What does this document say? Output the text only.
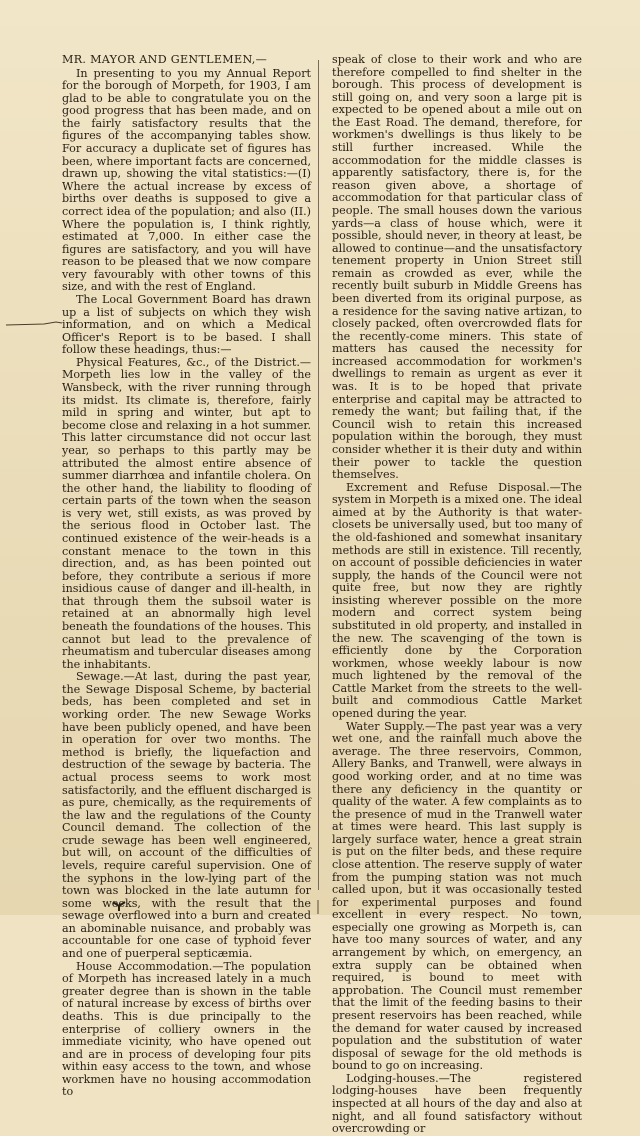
MR. MAYOR AND GENTLEMEN,—

In presenting to you my Annual Report for the borough of Morpeth, for 1903, I am glad to be able to congratulate you on the good progress that has been made, and on the fairly satisfactory results that the figures of the accompanying tables show. For accuracy a duplicate set of figures has been, where important facts are concerned, drawn up, showing the vital statistics:—(I) Where the actual increase by excess of births over deaths is supposed to give a correct idea of the population; and also (II.) Where the population is, I think rightly, estimated at 7,000. In either case the figures are satisfactory, and you will have reason to be pleased that we now compare very favourably with other towns of this size, and with the rest of England.

The Local Government Board has drawn up a list of subjects on which they wish information, and on which a Medical Officer's Report is to be based. I shall follow these headings, thus:—

Physical Features, &c., of the District.—Morpeth lies low in the valley of the Wansbeck, with the river running through its midst. Its climate is, therefore, fairly mild in spring and winter, but apt to become close and relaxing in a hot summer. This latter circumstance did not occur last year, so perhaps to this partly may be attributed the almost entire absence of summer diarrhœa and infantile cholera. On the other hand, the liability to flooding of certain parts of the town when the season is very wet, still exists, as was proved by the serious flood in October last. The continued existence of the weir-heads is a constant menace to the town in this direction, and, as has been pointed out before, they contribute a serious if more insidious cause of danger and ill-health, in that through them the subsoil water is retained at an abnormally high level beneath the foundations of the houses. This cannot but lead to the prevalence of rheumatism and tubercular diseases among the inhabitants.

Sewage.—At last, during the past year, the Sewage Disposal Scheme, by bacterial beds, has been completed and set in working order. The new Sewage Works have been publicly opened, and have been in operation for over two months. The method is briefly, the liquefaction and destruction of the sewage by bacteria. The actual process seems to work most satisfactorily, and the effluent discharged is as pure, chemically, as the requirements of the law and the regulations of the County Council demand. The collection of the crude sewage has been well engineered, but will, on account of the difficulties of levels, require careful supervision. One of the syphons in the low-lying part of the town was blocked in the late autumn for some weeks, with the result that the sewage overflowed into a burn and created an abominable nuisance, and probably was accountable for one case of typhoid fever and one of puerperal septicæmia.

House Accommodation.—The population of Morpeth has increased lately in a much greater degree than is shown in the table of natural increase by excess of births over deaths. This is due principally to the enterprise of colliery owners in the immediate vicinity, who have opened out and are in process of developing four pits within easy access to the town, and whose workmen have no housing accommodation to

speak of close to their work and who are therefore compelled to find shelter in the borough. This process of development is still going on, and very soon a large pit is expected to be opened about a mile out on the East Road. The demand, therefore, for workmen's dwellings is thus likely to be still further increased. While the accommodation for the middle classes is apparently satisfactory, there is, for the reason given above, a shortage of accommodation for that particular class of people. The small houses down the various yards—a class of house which, were it possible, should never, in theory at least, be allowed to continue—and the unsatisfactory tenement property in Union Street still remain as crowded as ever, while the recently built suburb in Middle Greens has been diverted from its original purpose, as a residence for the saving native artizan, to closely packed, often overcrowded flats for the recently-come miners. This state of matters has caused the necessity for increased accommodation for workmen's dwellings to remain as urgent as ever it was. It is to be hoped that private enterprise and capital may be attracted to remedy the want; but failing that, if the Council wish to retain this increased population within the borough, they must consider whether it is their duty and within their power to tackle the question themselves.

Excrement and Refuse Disposal.—The system in Morpeth is a mixed one. The ideal aimed at by the Authority is that water-closets be universally used, but too many of the old-fashioned and somewhat insanitary methods are still in existence. Till recently, on account of possible deficiencies in water supply, the hands of the Council were not quite free, but now they are rightly insisting wherever possible on the more modern and correct system being substituted in old property, and installed in the new. The scavenging of the town is efficiently done by the Corporation workmen, whose weekly labour is now much lightened by the removal of the Cattle Market from the streets to the well-built and commodious Cattle Market opened during the year.

Water Supply.—The past year was a very wet one, and the rainfall much above the average. The three reservoirs, Common, Allery Banks, and Tranwell, were always in good working order, and at no time was there any deficiency in the quantity or quality of the water. A few complaints as to the presence of mud in the Tranwell water at times were heard. This last supply is largely surface water, hence a great strain is put on the filter beds, and these require close attention. The reserve supply of water from the pumping station was not much called upon, but it was occasionally tested for experimental purposes and found excellent in every respect. No town, especially one growing as Morpeth is, can have too many sources of water, and any arrangement by which, on emergency, an extra supply can be obtained when required, is bound to meet with approbation. The Council must remember that the limit of the feeding basins to their present reservoirs has been reached, while the demand for water caused by increased population and the substitution of water disposal of sewage for the old methods is bound to go on increasing.

Lodging-houses.—The registered lodging-houses have been frequently inspected at all hours of the day and also at night, and all found satisfactory without overcrowding or
